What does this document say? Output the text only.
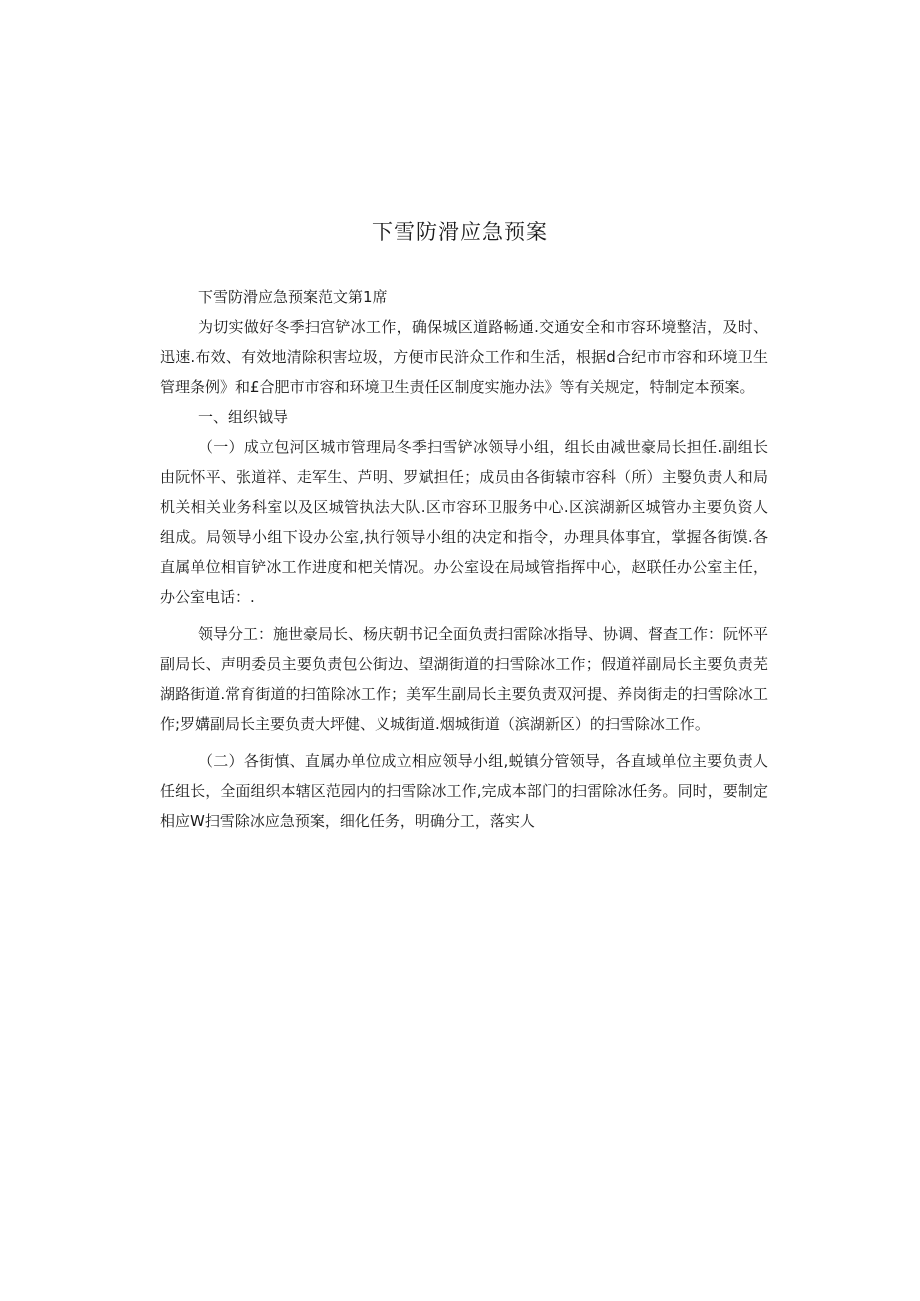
下雪防滑应急预案

下雪防滑应急预案范文第1席

为切实做好冬季扫宫铲冰工作，确保城区道路畅通.交通安全和市容环境整洁，及时、迅速.布效、有效地清除积害垃圾，方便市民浒众工作和生活，根据d合纪市市容和环境卫生管理条例》和£合肥市市容和环境卫生责任区制度实施办法》等有关规定，特制定本预案。

一、组织钺导

（一）成立包河区城市管理局冬季扫雪铲冰领导小组，组长由减世豪局长担任.副组长由阮怀平、张道祥、走军生、芦明、罗斌担任；成员由各街辕市容科（所）主嫛负责人和局机关相关业务科室以及区城管执法大队.区市容环卫服务中心.区滨湖新区城管办主要负资人组成。局领导小组下设办公室,执行领导小组的决定和指令，办理具体事宜，掌握各街馍.各直属单位相盲铲冰工作进度和杷关情况。办公室设在局域管指挥中心，赵联任办公室主任，办公室电话：.

领导分工：施世豪局长、杨庆朝书记全面负责扫雷除冰指导、协调、督查工作：阮怀平副局长、声明委员主要负责包公街边、望湖街道的扫雪除冰工作；假道祥副局长主要负责芜湖路街道.常育街道的扫笛除冰工作；美军生副局长主要负责双河提、养岗街走的扫雪除冰工作;罗媾副局长主要负责大坪健、义城街道.烟城街道（滨湖新区）的扫雪除冰工作。

（二）各街慎、直属办单位成立相应领导小组,蜕镇分管领导，各直域单位主要负责人任组长，全面组织本辖区范园内的扫雪除冰工作,完成本部门的扫雷除冰任务。同时，要制定相应W扫雪除冰应急预案，细化任务，明确分工，落实人
